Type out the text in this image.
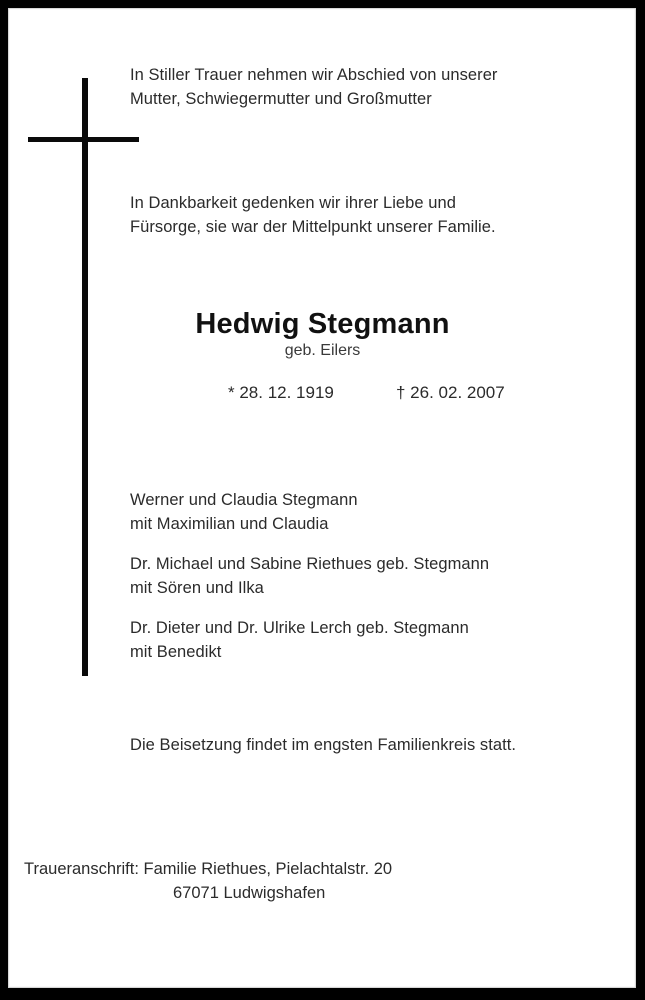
In Stiller Trauer nehmen wir Abschied von unserer
Mutter, Schwiegermutter und Großmutter
In Dankbarkeit gedenken wir ihrer Liebe und
Fürsorge, sie war der Mittelpunkt unserer Familie.
Hedwig Stegmann
geb. Eilers
* 28. 12. 1919	† 26. 02. 2007
Werner und Claudia Stegmann
mit Maximilian und Claudia
Dr. Michael und Sabine Riethues geb. Stegmann
mit Sören und Ilka
Dr. Dieter und Dr. Ulrike Lerch geb. Stegmann
mit Benedikt
Die Beisetzung findet im engsten Familienkreis statt.
Traueranschrift: Familie Riethues, Pielachtalstr. 20
67071 Ludwigshafen
